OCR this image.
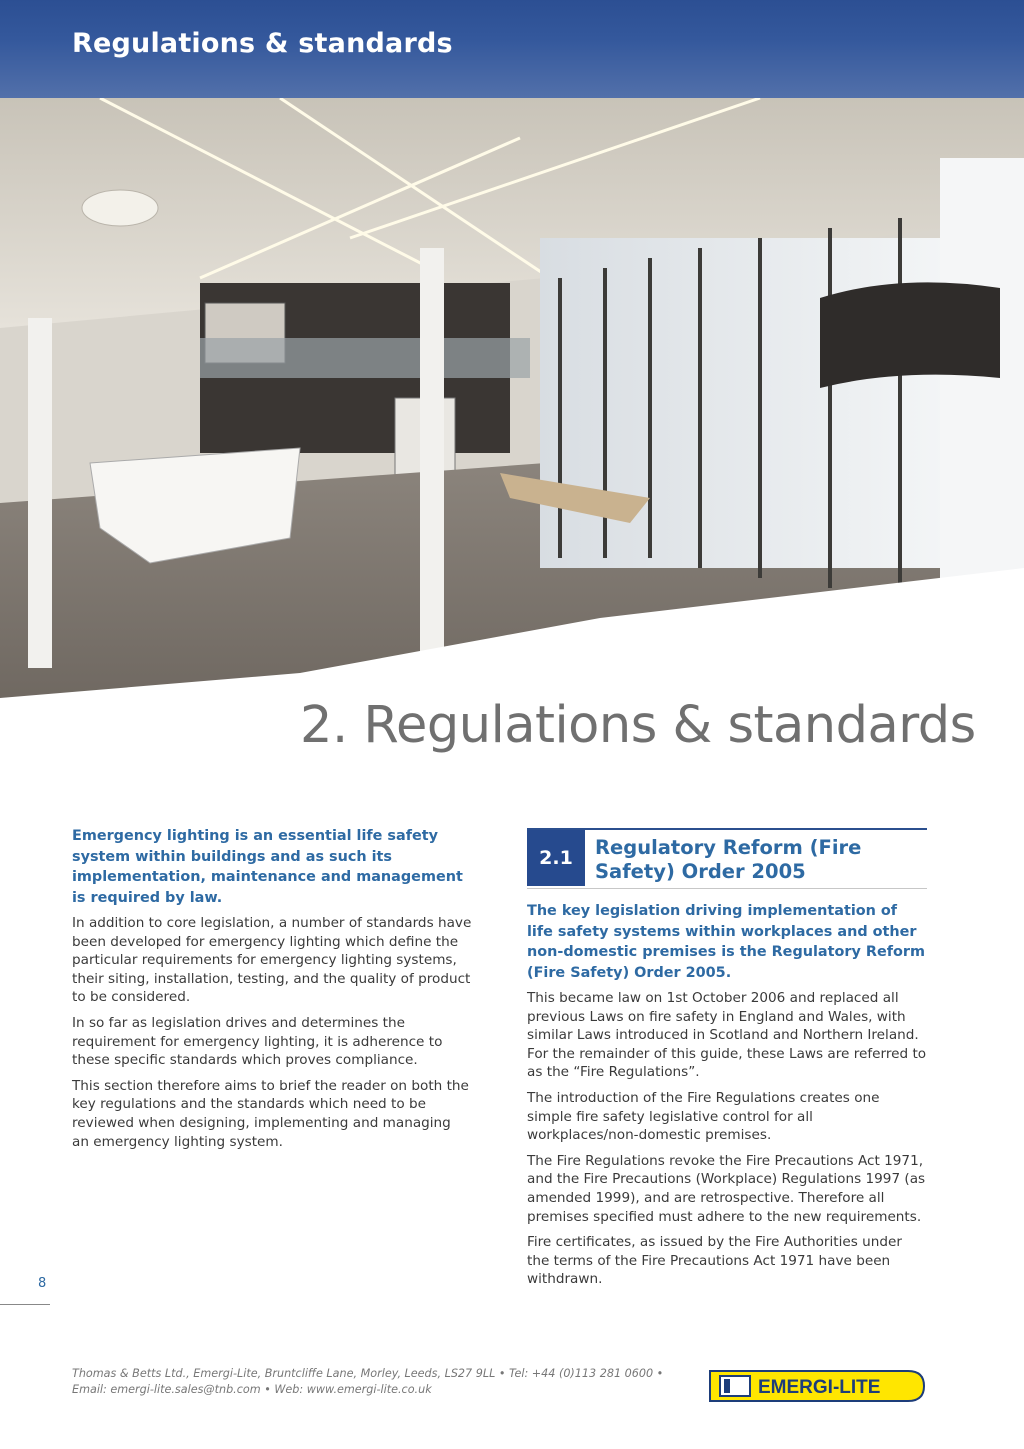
Regulations & standards
2. Regulations & standards

Emergency lighting is an essential life safety system within buildings and as such its implementation, maintenance and management is required by law.

In addition to core legislation, a number of standards have been developed for emergency lighting which define the particular requirements for emergency lighting systems, their siting, installation, testing, and the quality of product to be considered.

In so far as legislation drives and determines the requirement for emergency lighting, it is adherence to these specific standards which proves compliance.

This section therefore aims to brief the reader on both the key regulations and the standards which need to be reviewed when designing, implementing and managing an emergency lighting system.

2.1	Regulatory Reform (Fire Safety) Order 2005

The key legislation driving implementation of life safety systems within workplaces and other non-domestic premises is the Regulatory Reform (Fire Safety) Order 2005.

This became law on 1st October 2006 and replaced all previous Laws on fire safety in England and Wales, with similar Laws introduced in Scotland and Northern Ireland. For the remainder of this guide, these Laws are referred to as the “Fire Regulations”.

The introduction of the Fire Regulations creates one simple fire safety legislative control for all workplaces/non-domestic premises.

The Fire Regulations revoke the Fire Precautions Act 1971, and the Fire Precautions (Workplace) Regulations 1997 (as amended 1999), and are retrospective. Therefore all premises specified must adhere to the new requirements.

Fire certificates, as issued by the Fire Authorities under the terms of the Fire Precautions Act 1971 have been withdrawn.

8
Thomas & Betts Ltd., Emergi-Lite, Bruntcliffe Lane, Morley, Leeds, LS27 9LL • Tel: +44 (0)113 281 0600 •
Email: emergi-lite.sales@tnb.com • Web: www.emergi-lite.co.uk	EMERGI-LITE
